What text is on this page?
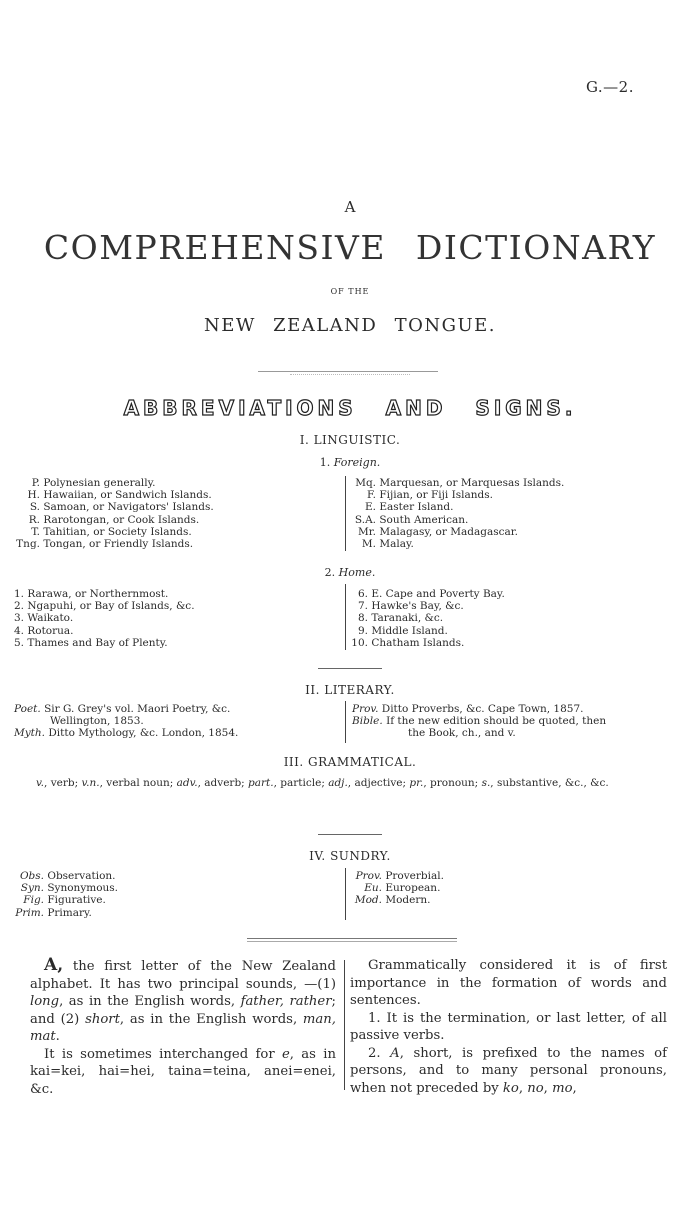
G.—2.
A
COMPREHENSIVE DICTIONARY
OF THE
NEW ZEALAND TONGUE.
ABBREVIATIONS AND SIGNS.
I. LINGUISTIC.
1. Foreign.
P. Polynesian generally.
H. Hawaiian, or Sandwich Islands.
S. Samoan, or Navigators' Islands.
R. Rarotongan, or Cook Islands.
T. Tahitian, or Society Islands.
Tng. Tongan, or Friendly Islands.
Mq. Marquesan, or Marquesas Islands.
F. Fijian, or Fiji Islands.
E. Easter Island.
S.A. South American.
Mr. Malagasy, or Madagascar.
M. Malay.
2. Home.
1. Rarawa, or Northernmost.
2. Ngapuhi, or Bay of Islands, &c.
3. Waikato.
4. Rotorua.
5. Thames and Bay of Plenty.
6. E. Cape and Poverty Bay.
7. Hawke's Bay, &c.
8. Taranaki, &c.
9. Middle Island.
10. Chatham Islands.
II. LITERARY.
Poet. Sir G. Grey's vol. Maori Poetry, &c.
Wellington, 1853.
Myth. Ditto Mythology, &c. London, 1854.
Prov. Ditto Proverbs, &c. Cape Town, 1857.
Bible. If the new edition should be quoted, then
the Book, ch., and v.
III. GRAMMATICAL.
v., verb; v.n., verbal noun; adv., adverb; part., particle; adj., adjective; pr., pronoun; s., substantive, &c., &c.
IV. SUNDRY.
Obs. Observation.
Syn. Synonymous.
Fig. Figurative.
Prim. Primary.
Prov. Proverbial.
Eu. European.
Mod. Modern.
A, the first letter of the New Zealand alphabet. It has two principal sounds, —(1) long, as in the English words, father, rather; and (2) short, as in the English words, man, mat.
It is sometimes interchanged for e, as in kai=kei, hai=hei, taina=teina, anei=enei, &c.
Grammatically considered it is of first importance in the formation of words and sentences.
1. It is the termination, or last letter, of all passive verbs.
2. A, short, is prefixed to the names of persons, and to many personal pronouns, when not preceded by ko, no, mo,
